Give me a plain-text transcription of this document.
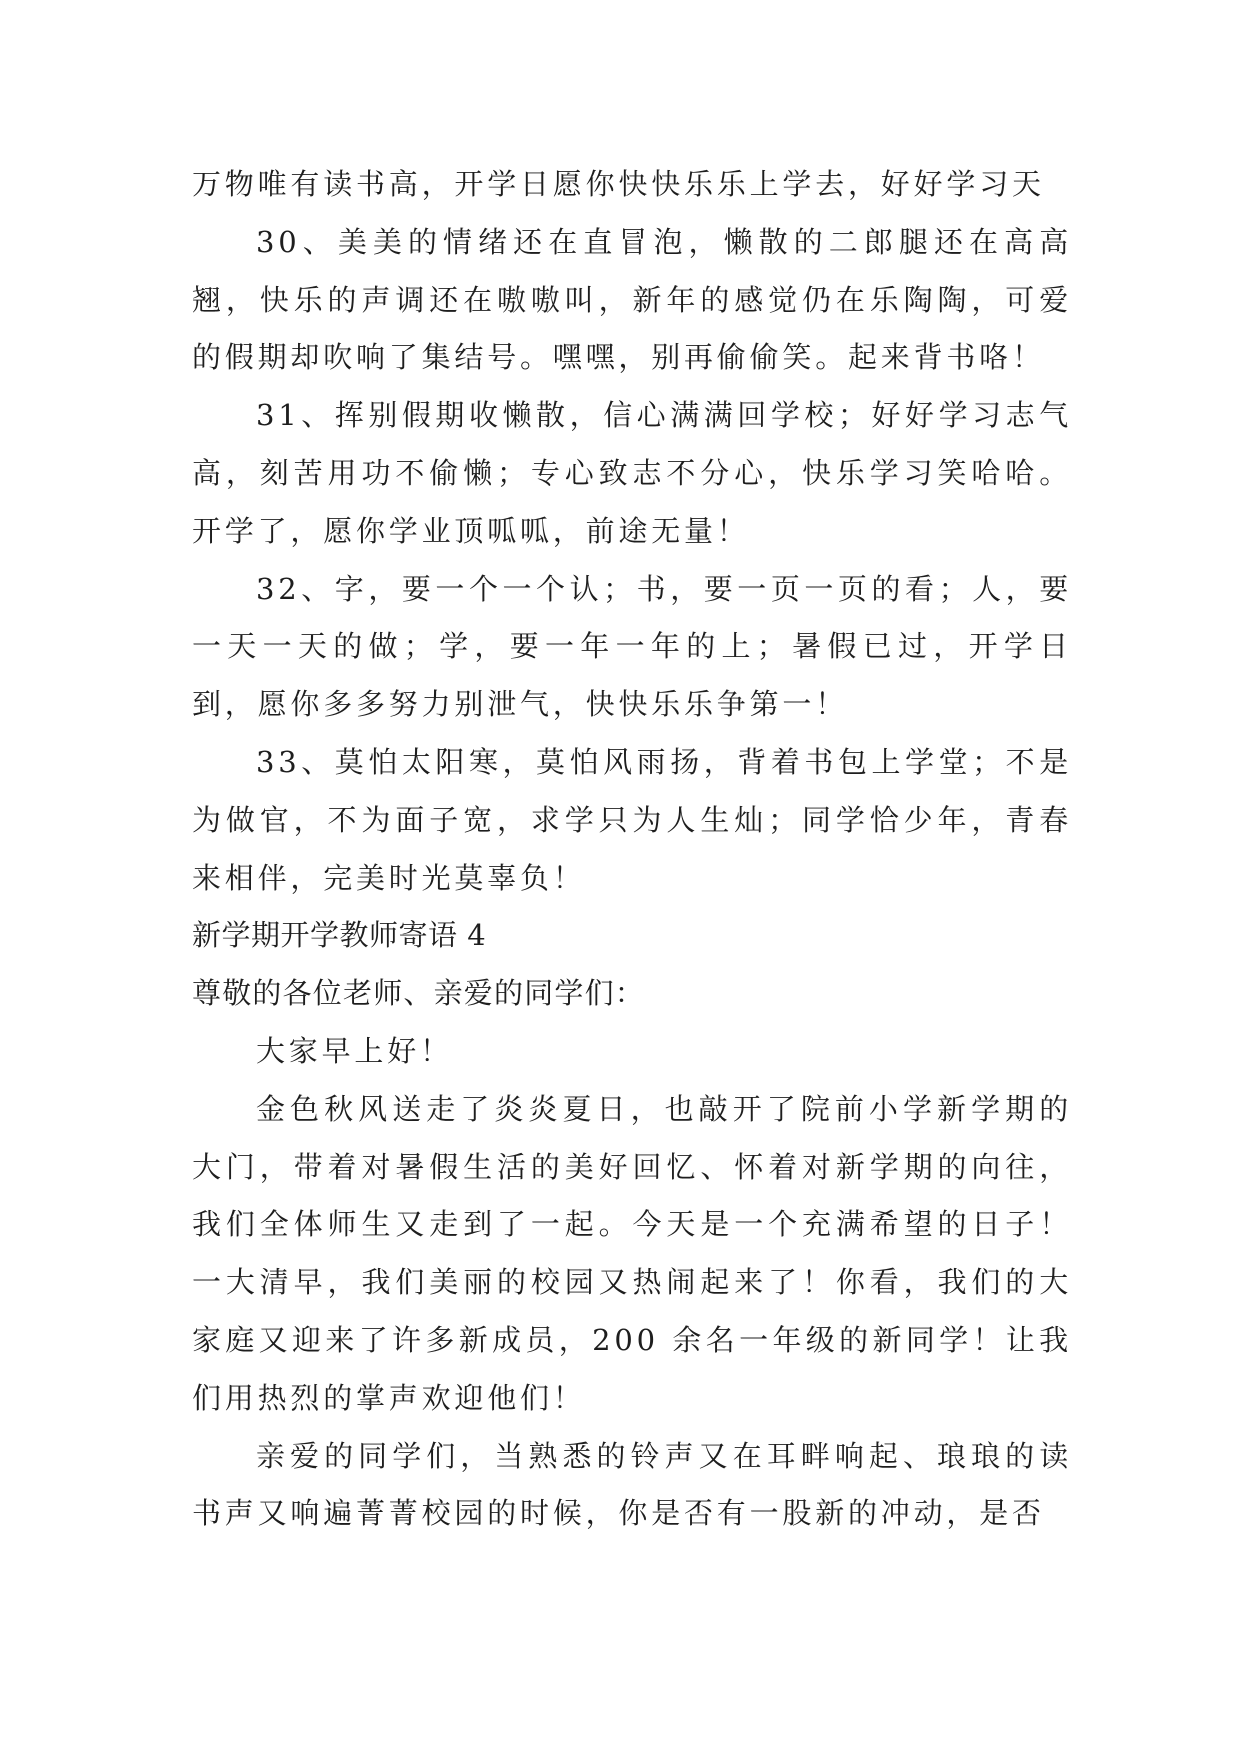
万物唯有读书高，开学日愿你快快乐乐上学去，好好学习天

30、美美的情绪还在直冒泡，懒散的二郎腿还在高高翘，快乐的声调还在嗷嗷叫，新年的感觉仍在乐陶陶，可爱的假期却吹响了集结号。嘿嘿，别再偷偷笑。起来背书咯！

31、挥别假期收懒散，信心满满回学校；好好学习志气高，刻苦用功不偷懒；专心致志不分心，快乐学习笑哈哈。开学了，愿你学业顶呱呱，前途无量！

32、字，要一个一个认；书，要一页一页的看；人，要一天一天的做；学，要一年一年的上；暑假已过，开学日到，愿你多多努力别泄气，快快乐乐争第一！

33、莫怕太阳寒，莫怕风雨扬，背着书包上学堂；不是为做官，不为面子宽，求学只为人生灿；同学恰少年，青春来相伴，完美时光莫辜负！

新学期开学教师寄语 4

尊敬的各位老师、亲爱的同学们：

大家早上好！

金色秋风送走了炎炎夏日，也敲开了院前小学新学期的大门，带着对暑假生活的美好回忆、怀着对新学期的向往，我们全体师生又走到了一起。今天是一个充满希望的日子！一大清早，我们美丽的校园又热闹起来了！你看，我们的大家庭又迎来了许多新成员，200 余名一年级的新同学！让我们用热烈的掌声欢迎他们！

亲爱的同学们，当熟悉的铃声又在耳畔响起、琅琅的读书声又响遍菁菁校园的时候，你是否有一股新的冲动，是否
